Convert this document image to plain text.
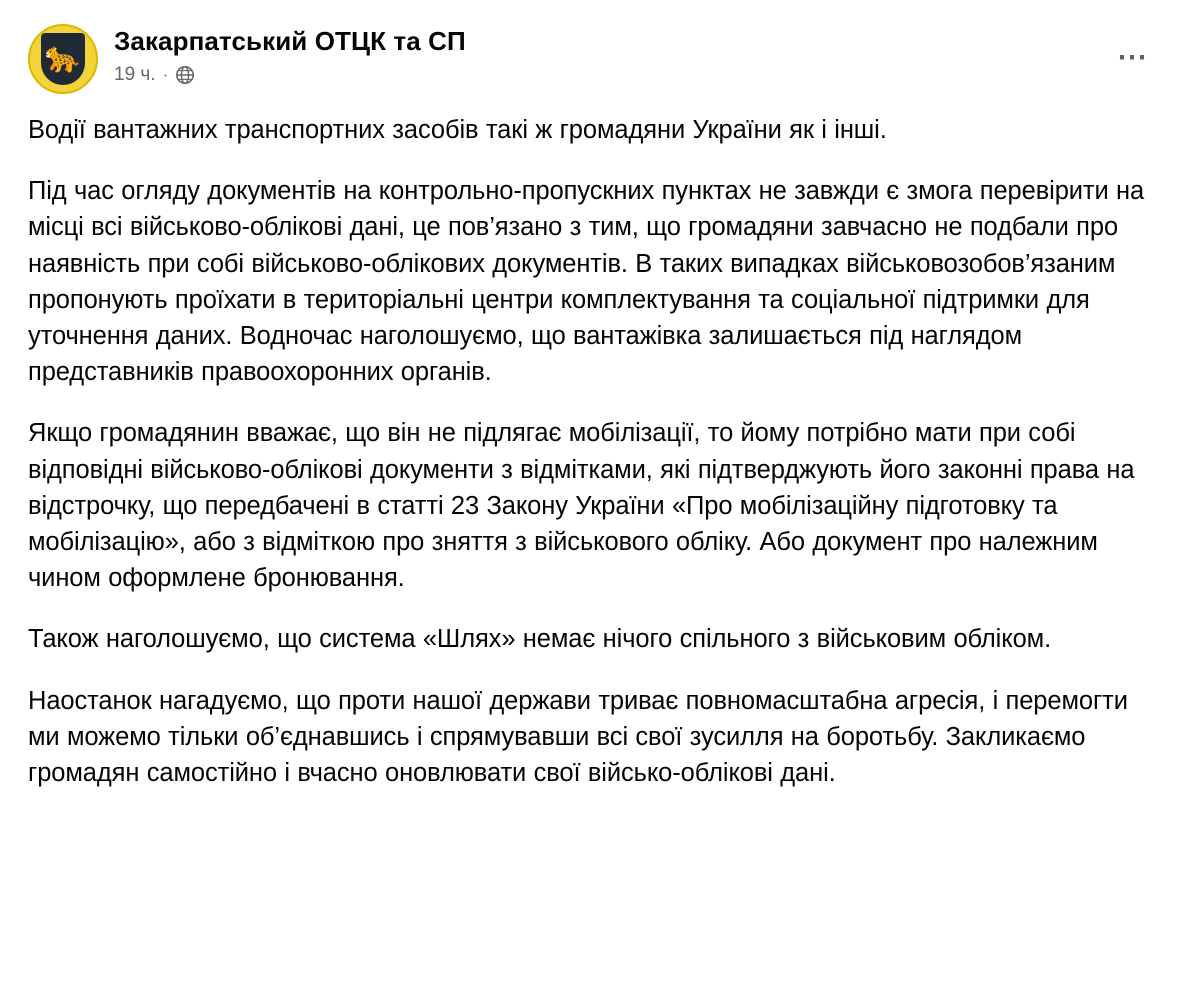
🐆 Закарпатський ОТЦК та СП
19 ч. ·
⋯

Водії вантажних транспортних засобів такі ж громадяни України як і інші.

Під час огляду документів на контрольно-пропускних пунктах не завжди є змога перевірити на місці всі військово-облікові дані, це пов’язано з тим, що громадяни завчасно не подбали про наявність при собі військово-облікових документів. В таких випадках військовозобов’язаним пропонують проїхати в територіальні центри комплектування та соціальної підтримки для уточнення даних. Водночас наголошуємо, що вантажівка залишається під наглядом представників правоохоронних органів.

Якщо громадянин вважає, що він не підлягає мобілізації, то йому потрібно мати при собі відповідні військово-облікові документи з відмітками, які підтверджують його законні права на відстрочку, що передбачені в статті 23 Закону України «Про мобілізаційну підготовку та мобілізацію», або з відміткою про зняття з військового обліку. Або документ про належним чином оформлене бронювання.

Також наголошуємо, що система «Шлях» немає нічого спільного з військовим обліком.

Наостанок нагадуємо, що проти нашої держави триває повномасштабна агресія, і перемогти ми можемо тільки об’єднавшись і спрямувавши всі свої зусилля на боротьбу. Закликаємо громадян самостійно і вчасно оновлювати свої військо-облікові дані.
